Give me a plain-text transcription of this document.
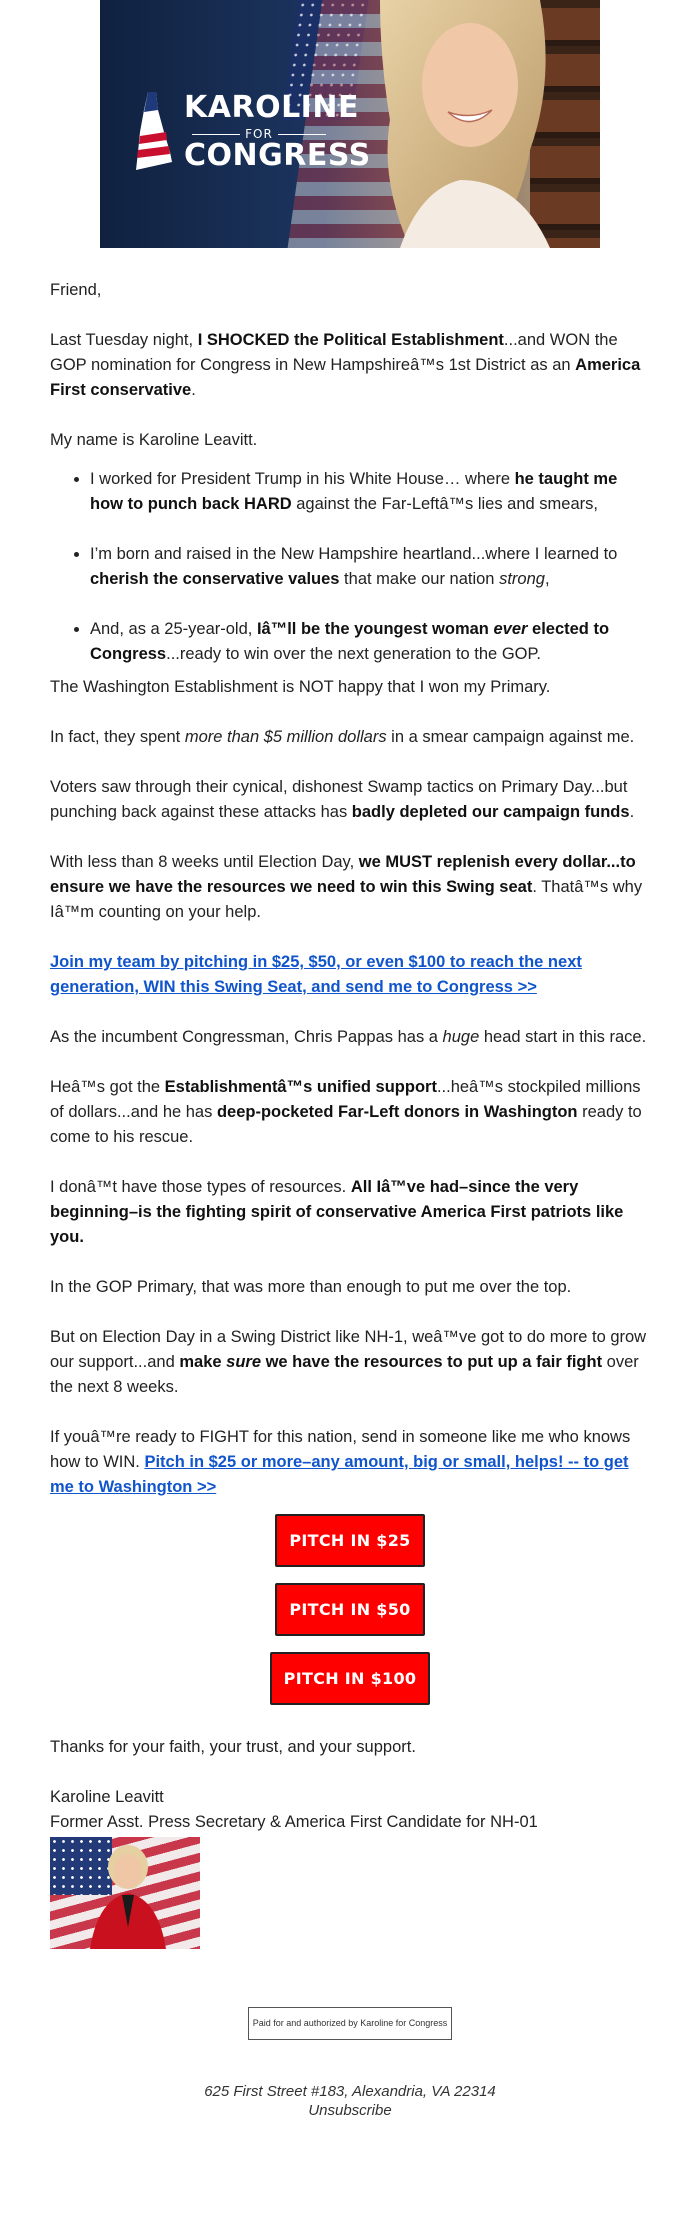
KAROLINE
FOR
CONGRESS

Friend,

Last Tuesday night, I SHOCKED the Political Establishment...and WON the GOP nomination for Congress in New Hampshireâ™s 1st District as an America First conservative.

My name is Karoline Leavitt.

• I worked for President Trump in his White House… where he taught me how to punch back HARD against the Far-Leftâ™s lies and smears,
• I’m born and raised in the New Hampshire heartland...where I learned to cherish the conservative values that make our nation strong,
• And, as a 25-year-old, Iâ™ll be the youngest woman ever elected to Congress...ready to win over the next generation to the GOP.

The Washington Establishment is NOT happy that I won my Primary.

In fact, they spent more than $5 million dollars in a smear campaign against me.

Voters saw through their cynical, dishonest Swamp tactics on Primary Day...but punching back against these attacks has badly depleted our campaign funds.

With less than 8 weeks until Election Day, we MUST replenish every dollar...to ensure we have the resources we need to win this Swing seat. Thatâ™s why Iâ™m counting on your help.

Join my team by pitching in $25, $50, or even $100 to reach the next generation, WIN this Swing Seat, and send me to Congress >>

As the incumbent Congressman, Chris Pappas has a huge head start in this race.

Heâ™s got the Establishmentâ™s unified support...heâ™s stockpiled millions of dollars...and he has deep-pocketed Far-Left donors in Washington ready to come to his rescue.

I donâ™t have those types of resources. All Iâ™ve had–since the very beginning–is the fighting spirit of conservative America First patriots like you.

In the GOP Primary, that was more than enough to put me over the top.

But on Election Day in a Swing District like NH-1, weâ™ve got to do more to grow our support...and make sure we have the resources to put up a fair fight over the next 8 weeks.

If youâ™re ready to FIGHT for this nation, send in someone like me who knows how to WIN. Pitch in $25 or more–any amount, big or small, helps! -- to get me to Washington >>

PITCH IN $25
PITCH IN $50
PITCH IN $100

Thanks for your faith, your trust, and your support.

Karoline Leavitt
Former Asst. Press Secretary & America First Candidate for NH-01
Paid for and authorized by Karoline for Congress
625 First Street #183, Alexandria, VA 22314
Unsubscribe
